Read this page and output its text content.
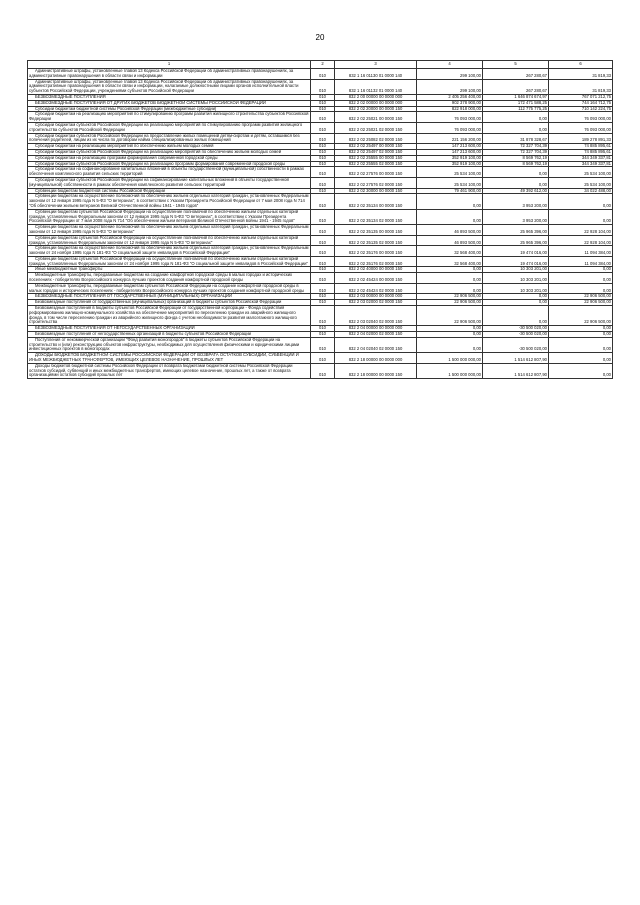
20
1	2	3	4	5	6
Административные штрафы, установленные главой 13 Кодекса Российской Федерации об административных правонарушениях, за административные правонарушения в области связи и информации	010	832 1 16 01130 01 0000 140	299 100,00	267 280,67	31 819,33
Административные штрафы, установленные главой 13 Кодекса Российской Федерации об административных правонарушениях, за административные правонарушения в области связи и информации, налагаемые должностными лицами органов исполнительной власти субъектов Российской Федерации, учреждениями субъектов Российской Федерации	010	832 1 16 01132 01 0000 140	299 100,00	267 280,67	31 819,33
БЕЗВОЗМЕЗДНЫЕ ПОСТУПЛЕНИЯ	010	832 2 00 00000 00 0000 000	2 405 256 400,00	1 646 874 674,97	767 071 212,75
БЕЗВОЗМЕЗДНЫЕ ПОСТУПЛЕНИЯ ОТ ДРУГИХ БЮДЖЕТОВ БЮДЖЕТНОЙ СИСТЕМЫ РОССИЙСКОЙ ФЕДЕРАЦИИ	010	832 2 02 00000 00 0000 000	902 378 900,00	172 471 588,25	744 164 712,75
Субсидии бюджетам бюджетной системы Российской Федерации (межбюджетные субсидии)	010	832 2 02 20000 00 0000 150	822 918 000,00	112 775 775,25	710 142 224,75
Субсидии бюджетам на реализацию мероприятий по стимулированию программ развития жилищного строительства субъектов Российской Федерации	010	832 2 02 25021 00 0000 150	76 093 000,00	0,00	76 093 000,00
Субсидии бюджетам субъектов Российской Федерации на реализацию мероприятий по стимулированию программ развития жилищного строительства субъектов Российской Федерации	010	832 2 02 25021 02 0000 150	76 093 000,00	0,00	76 093 000,00
Субсидии бюджетам субъектов Российской Федерации на предоставление жилых помещений детям-сиротам и детям, оставшимся без попечения родителей, лицам из их числа по договорам найма специализированных жилых помещений	010	832 2 02 25082 02 0000 150	221 156 200,00	31 878 328,67	189 278 891,33
Субсидии бюджетам на реализацию мероприятий по обеспечению жильем молодых семей	010	832 2 02 25497 00 0000 150	147 213 600,00	72 327 704,39	74 885 895,61
Субсидии бюджетам субъектов Российской Федерации на реализацию мероприятий по обеспечению жильем молодых семей	010	832 2 02 25497 02 0000 150	147 213 600,00	72 327 704,39	74 885 895,61
Субсидии бюджетам на реализацию программ формирования современной городской среды	010	832 2 02 25555 00 0000 150	352 919 100,00	8 569 762,19	344 349 337,81
Субсидии бюджетам субъектов Российской Федерации на реализацию программ формирования современной городской среды	010	832 2 02 25555 02 0000 150	352 919 100,00	8 569 762,19	344 349 337,81
Субсидии бюджетам на софинансирование капитальных вложений в объекты государственной (муниципальной) собственности в рамках обеспечения комплексного развития сельских территорий	010	832 2 02 27576 00 0000 150	25 534 100,00	0,00	25 534 100,00
Субсидии бюджетам субъектов Российской Федерации на софинансирование капитальных вложений в объекты государственной (муниципальной) собственности в рамках обеспечения комплексного развития сельских территорий	010	832 2 02 27576 02 0000 150	25 534 100,00	0,00	25 534 100,00
Субвенции бюджетам бюджетной системы Российской Федерации	010	832 2 02 30000 00 0000 150	79 461 900,00	49 392 612,00	34 022 488,00
Субвенции бюджетам на осуществление полномочий по обеспечению жильем отдельных категорий граждан, установленных Федеральным законом от 12 января 1995 года N 5-ФЗ "О ветеранах", в соответствии с Указом Президента Российской Федерации от 7 мая 2008 года N 714 "Об обеспечении жильем ветеранов Великой Отечественной войны 1941 - 1945 годов"	010	832 2 02 35134 00 0000 150	0,00	3 953 200,00	0,00
Субвенции бюджетам субъектов Российской Федерации на осуществление полномочий по обеспечению жильем отдельных категорий граждан, установленных Федеральным законом от 12 января 1995 года N 5-ФЗ "О ветеранах", в соответствии с Указом Президента Российской Федерации от 7 мая 2008 года N 714 "Об обеспечении жильем ветеранов Великой Отечественной войны 1941 - 1945 годов"	010	832 2 02 35134 02 0000 150	0,00	3 953 200,00	0,00
Субвенции бюджетам на осуществление полномочий по обеспечению жильем отдельных категорий граждан, установленных Федеральным законом от 12 января 1995 года N 5-ФЗ "О ветеранах"	010	832 2 02 35135 00 0000 150	46 893 500,00	25 965 396,00	22 928 104,00
Субвенции бюджетам субъектов Российской Федерации на осуществление полномочий по обеспечению жильем отдельных категорий граждан, установленных Федеральным законом от 12 января 1995 года N 5-ФЗ "О ветеранах"	010	832 2 02 35135 02 0000 150	46 893 500,00	25 965 396,00	22 928 104,00
Субвенции бюджетам на осуществление полномочий по обеспечению жильем отдельных категорий граждан, установленных Федеральным законом от 24 ноября 1995 года N 181-ФЗ "О социальной защите инвалидов в Российской Федерации"	010	832 2 02 35176 00 0000 150	32 568 400,00	19 474 016,00	11 094 384,00
Субвенции бюджетам субъектов Российской Федерации на осуществление полномочий по обеспечению жильем отдельных категорий граждан, установленных Федеральным законом от 24 ноября 1995 года N 181-ФЗ "О социальной защите инвалидов в Российской Федерации"	010	832 2 02 35176 02 0000 150	32 568 400,00	19 474 016,00	11 094 384,00
Иные межбюджетные трансферты	010	832 2 02 40000 00 0000 150	0,00	10 303 201,00	0,00
Межбюджетные трансферты, передаваемые бюджетам на создание комфортной городской среды в малых городах и исторических поселениях - победителях Всероссийского конкурса лучших проектов создания комфортной городской среды	010	832 2 02 45424 00 0000 150	0,00	10 303 201,00	0,00
Межбюджетные трансферты, передаваемые бюджетам субъектов Российской Федерации на создание комфортной городской среды в малых городах и исторических поселениях - победителях Всероссийского конкурса лучших проектов создания комфортной городской среды	010	832 2 02 45424 02 0000 150	0,00	10 303 201,00	0,00
БЕЗВОЗМЕЗДНЫЕ ПОСТУПЛЕНИЯ ОТ ГОСУДАРСТВЕННЫХ (МУНИЦИПАЛЬНЫХ) ОРГАНИЗАЦИЙ	010	832 2 03 00000 00 0000 000	22 906 500,00	0,00	22 906 500,00
Безвозмездные поступления от государственных (муниципальных) организаций в бюджеты субъектов Российской Федерации	010	832 2 03 02000 02 0000 150	22 906 500,00	0,00	22 906 500,00
Безвозмездные поступления в бюджеты субъектов Российской Федерации от государственной корпорации - Фонда содействия реформированию жилищно-коммунального хозяйства на обеспечение мероприятий по переселению граждан из аварийного жилищного фонда, в том числе переселению граждан из аварийного жилищного фонда с учетом необходимости развития малоэтажного жилищного строительства	010	832 2 03 02040 02 0000 150	22 906 500,00	0,00	22 906 500,00
БЕЗВОЗМЕЗДНЫЕ ПОСТУПЛЕНИЯ ОТ НЕГОСУДАРСТВЕННЫХ ОРГАНИЗАЦИЙ	010	832 2 04 00000 00 0000 000	0,00	-30 500 020,00	0,00
Безвозмездные поступления от негосударственных организаций в бюджеты субъектов Российской Федерации	010	832 2 04 02000 02 0000 150	0,00	-30 500 020,00	0,00
Поступления от некоммерческой организации "Фонд развития моногородов" в бюджеты субъектов Российской Федерации на строительство и (или) реконструкцию объектов инфраструктуры, необходимых для осуществления физическими и юридическими лицами инвестиционных проектов в моногородах	010	832 2 04 02040 02 0000 150	0,00	-30 500 020,00	0,00
ДОХОДЫ БЮДЖЕТОВ БЮДЖЕТНОЙ СИСТЕМЫ РОССИЙСКОЙ ФЕДЕРАЦИИ ОТ ВОЗВРАТА ОСТАТКОВ СУБСИДИЙ, СУБВЕНЦИЙ И ИНЫХ МЕЖБЮДЖЕТНЫХ ТРАНСФЕРТОВ, ИМЕЮЩИХ ЦЕЛЕВОЕ НАЗНАЧЕНИЕ, ПРОШЛЫХ ЛЕТ	010	832 2 18 00000 00 0000 000	1 500 000 000,00	1 514 612 807,90	0,00
Доходы бюджетов бюджетной системы Российской Федерации от возврата бюджетами бюджетной системы Российской Федерации остатков субсидий, субвенций и иных межбюджетных трансфертов, имеющих целевое назначение, прошлых лет, а также от возврата организациями остатков субсидий прошлых лет	010	832 2 18 00000 00 0000 150	1 500 000 000,00	1 514 612 807,90	0,00
